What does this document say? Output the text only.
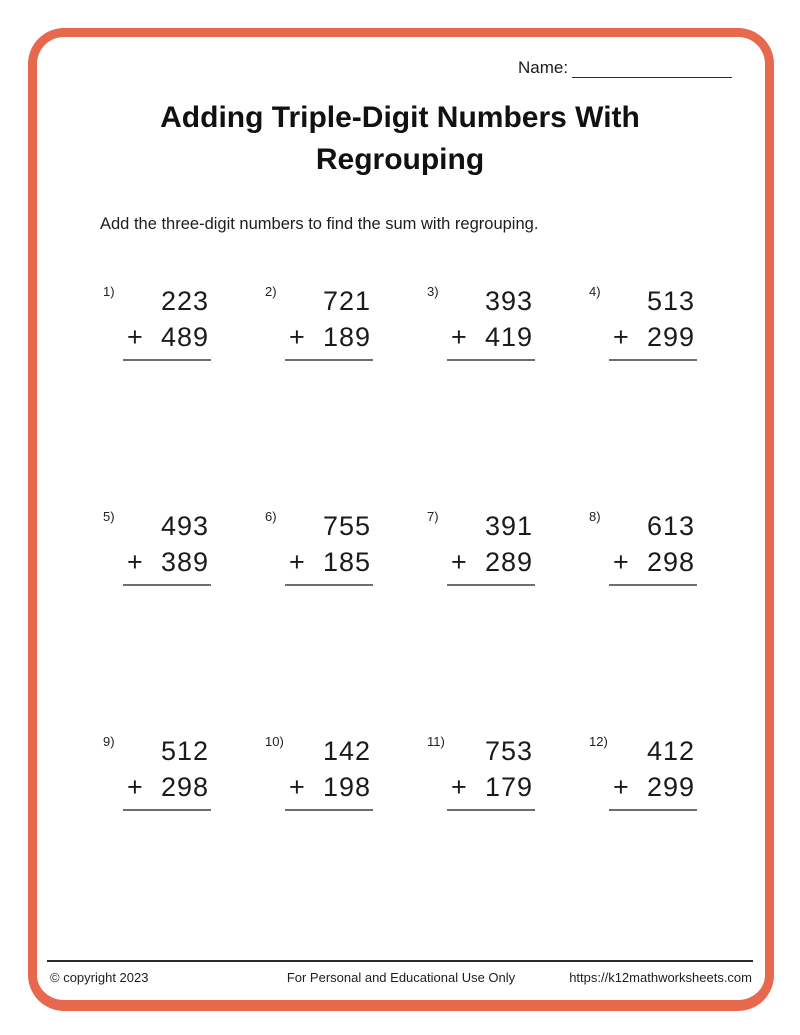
Name:
Adding Triple-Digit Numbers With
Regrouping
Add the three-digit numbers to find the sum with regrouping.
1)	223
+ 489
2)	721
+ 189
3)	393
+ 419
4)	513
+ 299
5)	493
+ 389
6)	755
+ 185
7)	391
+ 289
8)	613
+ 298
9)	512
+ 298
10)	142
+ 198
11)	753
+ 179
12)	412
+ 299
© copyright 2023	For Personal and Educational Use Only	https://k12mathworksheets.com
